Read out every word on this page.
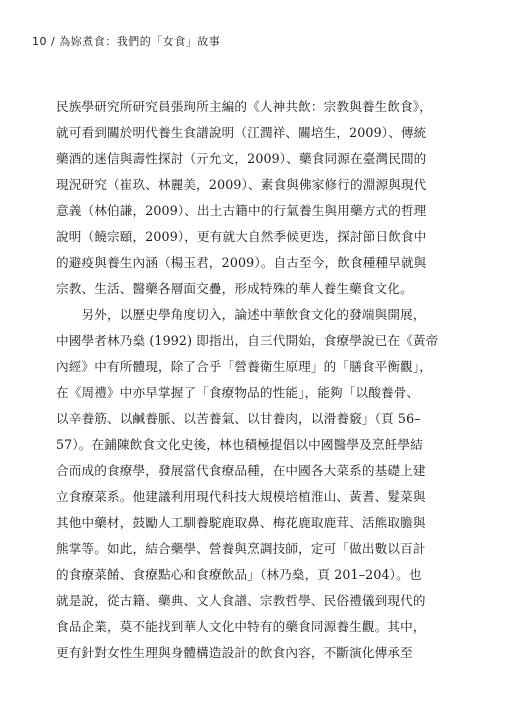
10 / 為妳煮食：我們的「女食」故事
民族學研究所研究員張珣所主編的《人神共飲：宗教與養生飲食》，
就可看到關於明代養生食譜說明（江潤祥、關培生，2009）、傳統
藥酒的迷信與壽性探討（亓允文，2009）、藥食同源在臺灣民間的
現況研究（崔玖、林麗美，2009）、素食與佛家修行的淵源與現代
意義（林伯謙，2009）、出土古籍中的行氣養生與用藥方式的哲理
說明（饒宗頤，2009），更有就大自然季候更迭，探討節日飲食中
的避疫與養生內涵（楊玉君，2009）。自古至今，飲食種種早就與
宗教、生活、醫藥各層面交疊，形成特殊的華人養生藥食文化。
　　另外，以歷史學角度切入，論述中華飲食文化的發端與開展，
中國學者林乃燊 (1992) 即指出，自三代開始，食療學說已在《黃帝
內經》中有所體現，除了合乎「營養衛生原理」的「膳食平衡觀」，
在《周禮》中亦早掌握了「食療物品的性能」，能夠「以酸養骨、
以辛養筋、以鹹養脈、以苦養氣、以甘養肉，以滑養竅」（頁 56–
57）。在鋪陳飲食文化史後，林也積極提倡以中國醫學及烹飪學結
合而成的食療學，發展當代食療品種，在中國各大菜系的基礎上建
立食療菜系。他建議利用現代科技大規模培植淮山、黃耆、髮菜與
其他中藥材，鼓勵人工馴養駝鹿取鼻、梅花鹿取鹿茸、活熊取膽與
熊掌等。如此，結合藥學、營養與烹調技師，定可「做出數以百計
的食療菜餚、食療點心和食療飲品」（林乃燊，頁 201–204）。也
就是說，從古籍、藥典、文人食譜、宗教哲學、民俗禮儀到現代的
食品企業，莫不能找到華人文化中特有的藥食同源養生觀。其中，
更有針對女性生理與身體構造設計的飲食內容，不斷演化傳承至
